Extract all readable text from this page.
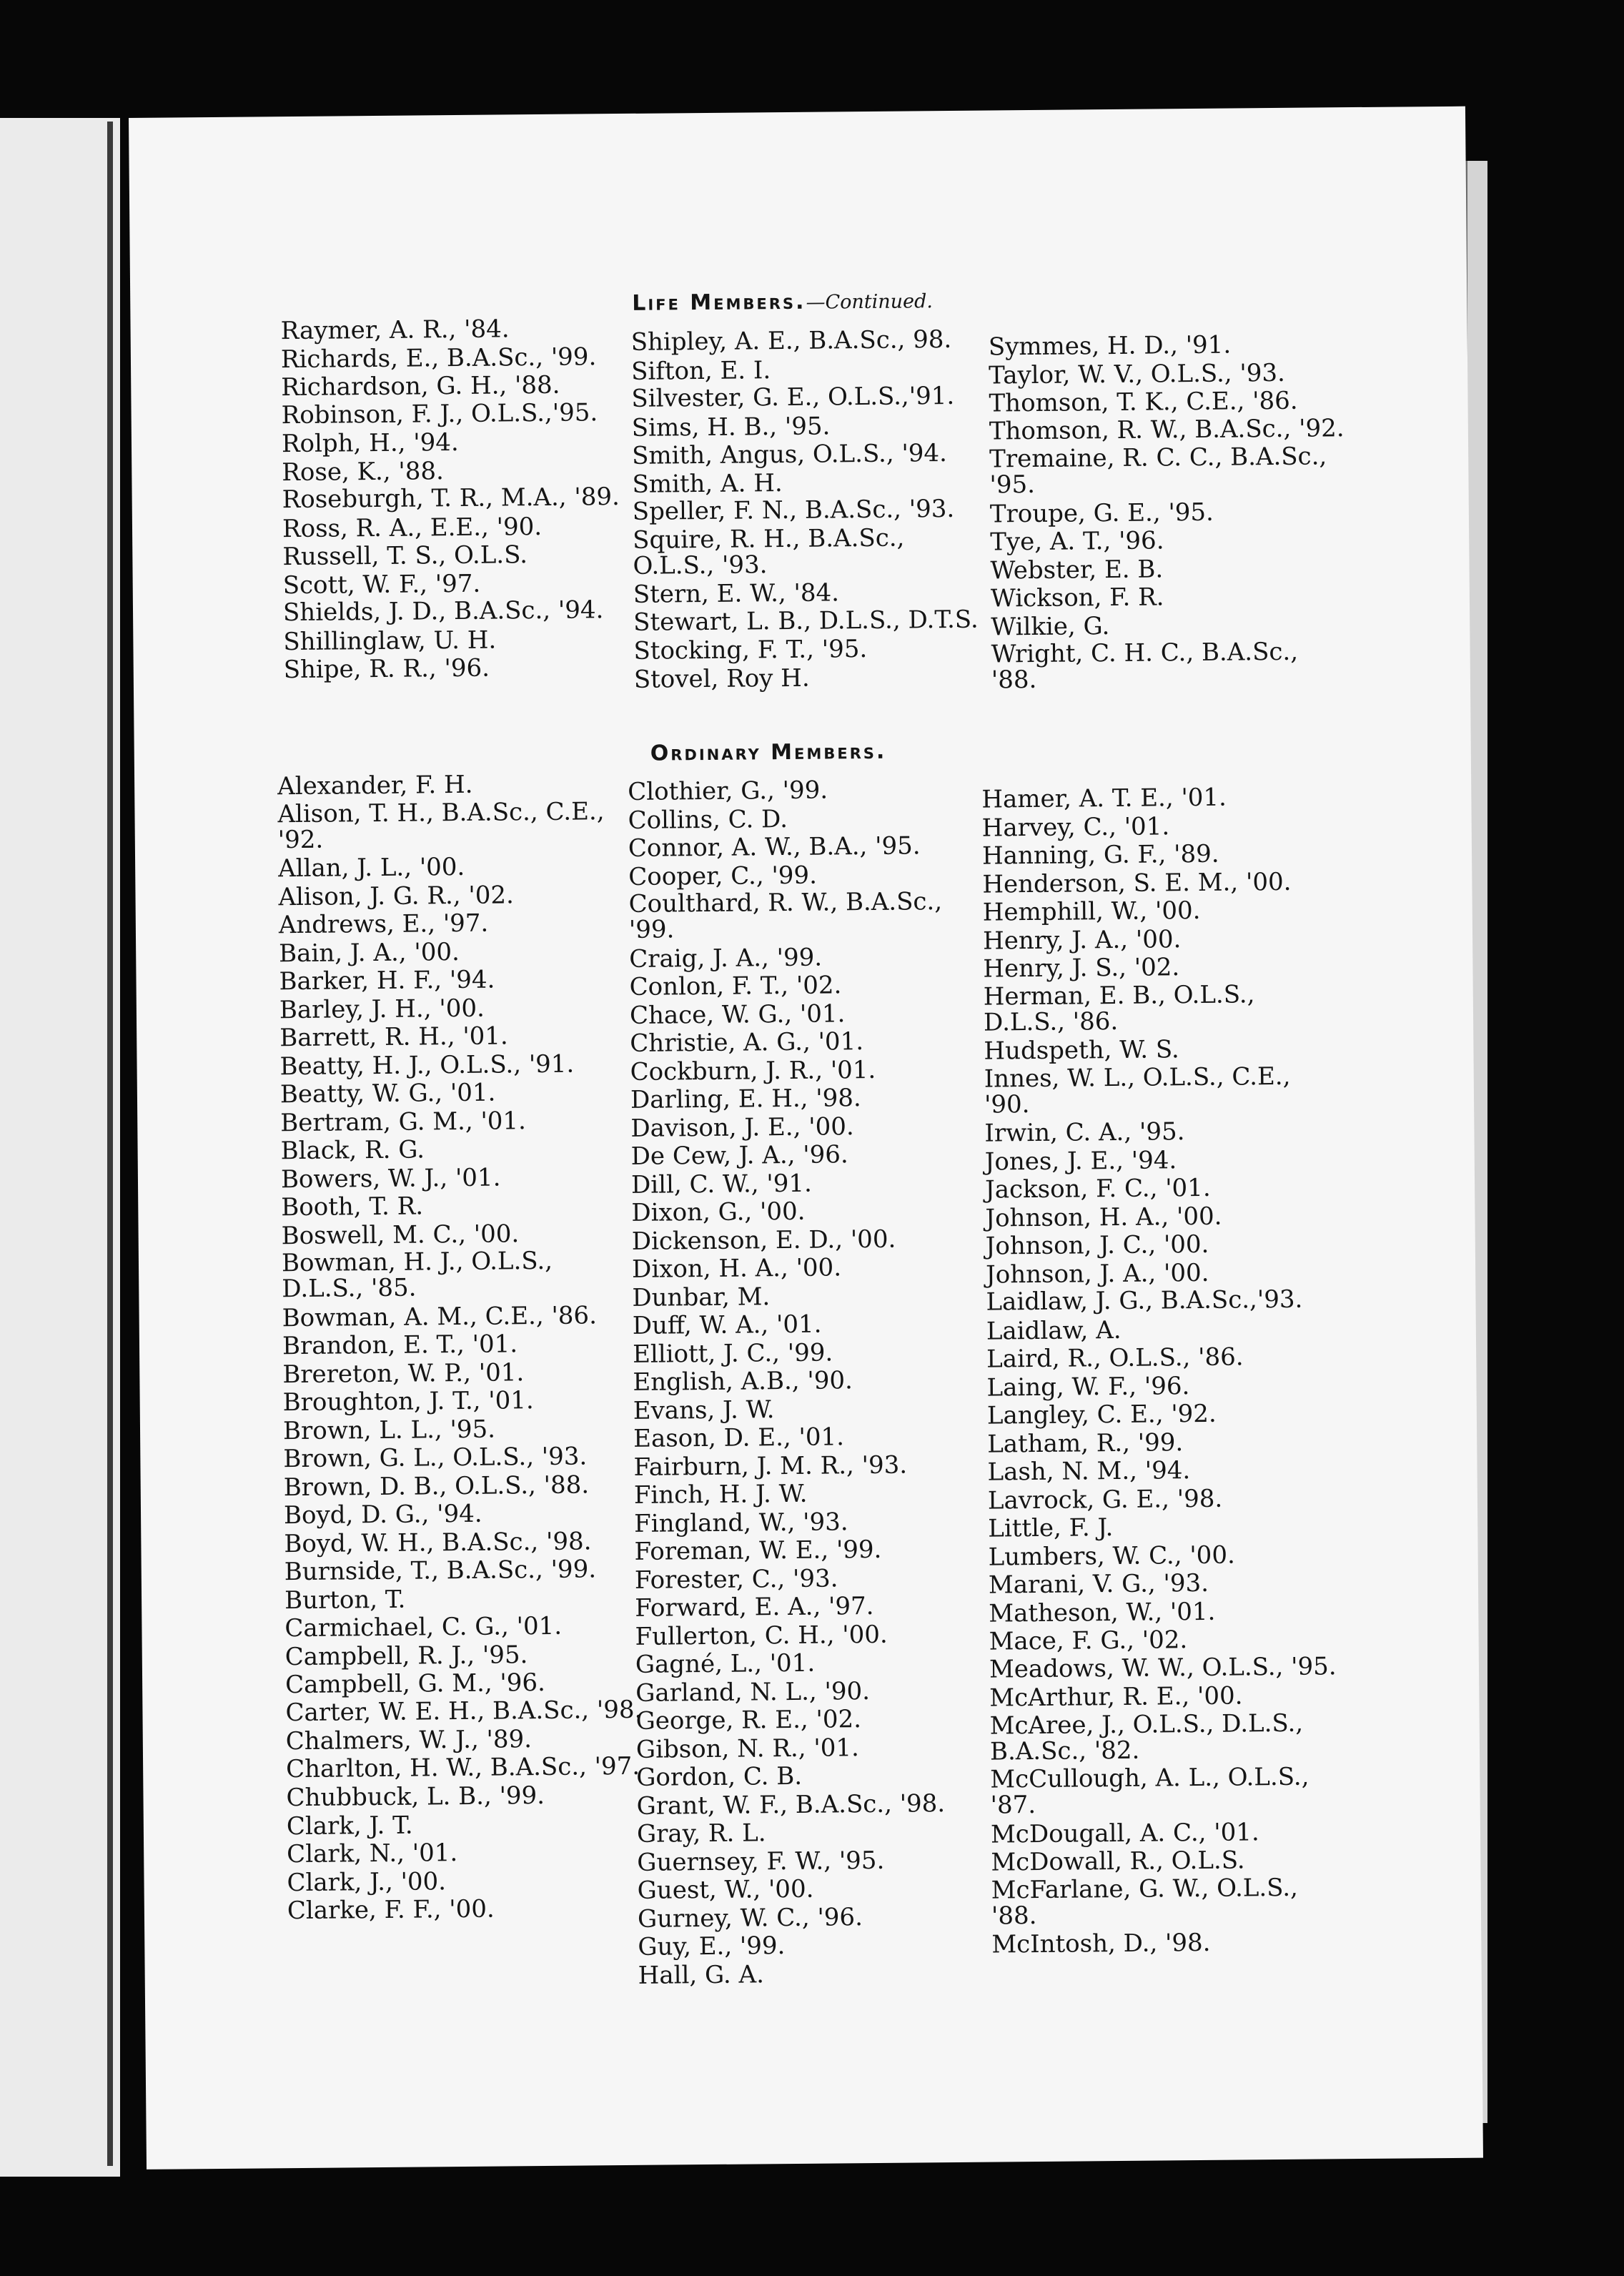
Life Members.—Continued.
Raymer, A. R., '84.
Richards, E., B.A.Sc., '99.
Richardson, G. H., '88.
Robinson, F. J., O.L.S.,'95.
Rolph, H., '94.
Rose, K., '88.
Roseburgh, T. R., M.A., '89.
Ross, R. A., E.E., '90.
Russell, T. S., O.L.S.
Scott, W. F., '97.
Shields, J. D., B.A.Sc., '94.
Shillinglaw, U. H.
Shipe, R. R., '96.
Shipley, A. E., B.A.Sc., 98.
Sifton, E. I.
Silvester, G. E., O.L.S.,'91.
Sims, H. B., '95.
Smith, Angus, O.L.S., '94.
Smith, A. H.
Speller, F. N., B.A.Sc., '93.
Squire, R. H., B.A.Sc., O.L.S., '93.
Stern, E. W., '84.
Stewart, L. B., D.L.S., D.T.S.
Stocking, F. T., '95.
Stovel, Roy H.
Symmes, H. D., '91.
Taylor, W. V., O.L.S., '93.
Thomson, T. K., C.E., '86.
Thomson, R. W., B.A.Sc., '92.
Tremaine, R. C. C., B.A.Sc., '95.
Troupe, G. E., '95.
Tye, A. T., '96.
Webster, E. B.
Wickson, F. R.
Wilkie, G.
Wright, C. H. C., B.A.Sc., '88.
Ordinary Members.
Alexander, F. H.
Alison, T. H., B.A.Sc., C.E., '92.
Allan, J. L., '00.
Alison, J. G. R., '02.
Andrews, E., '97.
Bain, J. A., '00.
Barker, H. F., '94.
Barley, J. H., '00.
Barrett, R. H., '01.
Beatty, H. J., O.L.S., '91.
Beatty, W. G., '01.
Bertram, G. M., '01.
Black, R. G.
Bowers, W. J., '01.
Booth, T. R.
Boswell, M. C., '00.
Bowman, H. J., O.L.S., D.L.S., '85.
Bowman, A. M., C.E., '86.
Brandon, E. T., '01.
Brereton, W. P., '01.
Broughton, J. T., '01.
Brown, L. L., '95.
Brown, G. L., O.L.S., '93.
Brown, D. B., O.L.S., '88.
Boyd, D. G., '94.
Boyd, W. H., B.A.Sc., '98.
Burnside, T., B.A.Sc., '99.
Burton, T.
Carmichael, C. G., '01.
Campbell, R. J., '95.
Campbell, G. M., '96.
Carter, W. E. H., B.A.Sc., '98.
Chalmers, W. J., '89.
Charlton, H. W., B.A.Sc., '97.
Chubbuck, L. B., '99.
Clark, J. T.
Clark, N., '01.
Clark, J., '00.
Clarke, F. F., '00.
Clothier, G., '99.
Collins, C. D.
Connor, A. W., B.A., '95.
Cooper, C., '99.
Coulthard, R. W., B.A.Sc., '99.
Craig, J. A., '99.
Conlon, F. T., '02.
Chace, W. G., '01.
Christie, A. G., '01.
Cockburn, J. R., '01.
Darling, E. H., '98.
Davison, J. E., '00.
De Cew, J. A., '96.
Dill, C. W., '91.
Dixon, G., '00.
Dickenson, E. D., '00.
Dixon, H. A., '00.
Dunbar, M.
Duff, W. A., '01.
Elliott, J. C., '99.
English, A.B., '90.
Evans, J. W.
Eason, D. E., '01.
Fairburn, J. M. R., '93.
Finch, H. J. W.
Fingland, W., '93.
Foreman, W. E., '99.
Forester, C., '93.
Forward, E. A., '97.
Fullerton, C. H., '00.
Gagné, L., '01.
Garland, N. L., '90.
George, R. E., '02.
Gibson, N. R., '01.
Gordon, C. B.
Grant, W. F., B.A.Sc., '98.
Gray, R. L.
Guernsey, F. W., '95.
Guest, W., '00.
Gurney, W. C., '96.
Guy, E., '99.
Hall, G. A.
Hamer, A. T. E., '01.
Harvey, C., '01.
Hanning, G. F., '89.
Henderson, S. E. M., '00.
Hemphill, W., '00.
Henry, J. A., '00.
Henry, J. S., '02.
Herman, E. B., O.L.S., D.L.S., '86.
Hudspeth, W. S.
Innes, W. L., O.L.S., C.E., '90.
Irwin, C. A., '95.
Jones, J. E., '94.
Jackson, F. C., '01.
Johnson, H. A., '00.
Johnson, J. C., '00.
Johnson, J. A., '00.
Laidlaw, J. G., B.A.Sc.,'93.
Laidlaw, A.
Laird, R., O.L.S., '86.
Laing, W. F., '96.
Langley, C. E., '92.
Latham, R., '99.
Lash, N. M., '94.
Lavrock, G. E., '98.
Little, F. J.
Lumbers, W. C., '00.
Marani, V. G., '93.
Matheson, W., '01.
Mace, F. G., '02.
Meadows, W. W., O.L.S., '95.
McArthur, R. E., '00.
McAree, J., O.L.S., D.L.S., B.A.Sc., '82.
McCullough, A. L., O.L.S., '87.
McDougall, A. C., '01.
McDowall, R., O.L.S.
McFarlane, G. W., O.L.S., '88.
McIntosh, D., '98.
